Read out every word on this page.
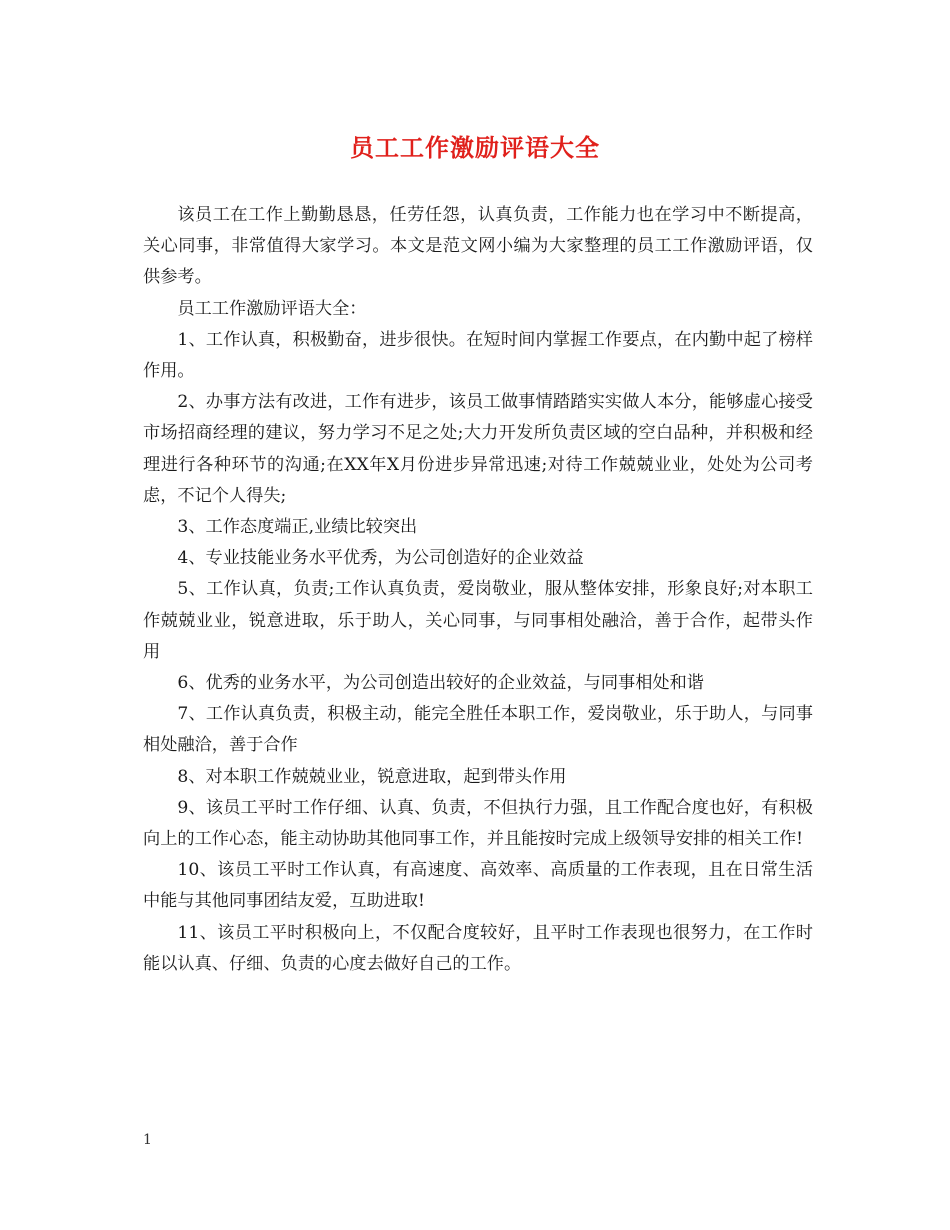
员工工作激励评语大全

该员工在工作上勤勤恳恳，任劳任怨，认真负责，工作能力也在学习中不断提高，关心同事，非常值得大家学习。本文是范文网小编为大家整理的员工工作激励评语，仅供参考。

员工工作激励评语大全：

1、工作认真，积极勤奋，进步很快。在短时间内掌握工作要点，在内勤中起了榜样作用。

2、办事方法有改进，工作有进步，该员工做事情踏踏实实做人本分，能够虚心接受市场招商经理的建议，努力学习不足之处;大力开发所负责区域的空白品种，并积极和经理进行各种环节的沟通;在XX年X月份进步异常迅速;对待工作兢兢业业，处处为公司考虑，不记个人得失;

3、工作态度端正,业绩比较突出

4、专业技能业务水平优秀，为公司创造好的企业效益

5、工作认真，负责;工作认真负责，爱岗敬业，服从整体安排，形象良好;对本职工作兢兢业业，锐意进取，乐于助人，关心同事，与同事相处融洽，善于合作，起带头作用

6、优秀的业务水平，为公司创造出较好的企业效益，与同事相处和谐

7、工作认真负责，积极主动，能完全胜任本职工作，爱岗敬业，乐于助人，与同事相处融洽，善于合作

8、对本职工作兢兢业业，锐意进取，起到带头作用

9、该员工平时工作仔细、认真、负责，不但执行力强，且工作配合度也好，有积极向上的工作心态，能主动协助其他同事工作，并且能按时完成上级领导安排的相关工作!

10、该员工平时工作认真，有高速度、高效率、高质量的工作表现，且在日常生活中能与其他同事团结友爱，互助进取!

11、该员工平时积极向上，不仅配合度较好，且平时工作表现也很努力，在工作时能以认真、仔细、负责的心度去做好自己的工作。

1
